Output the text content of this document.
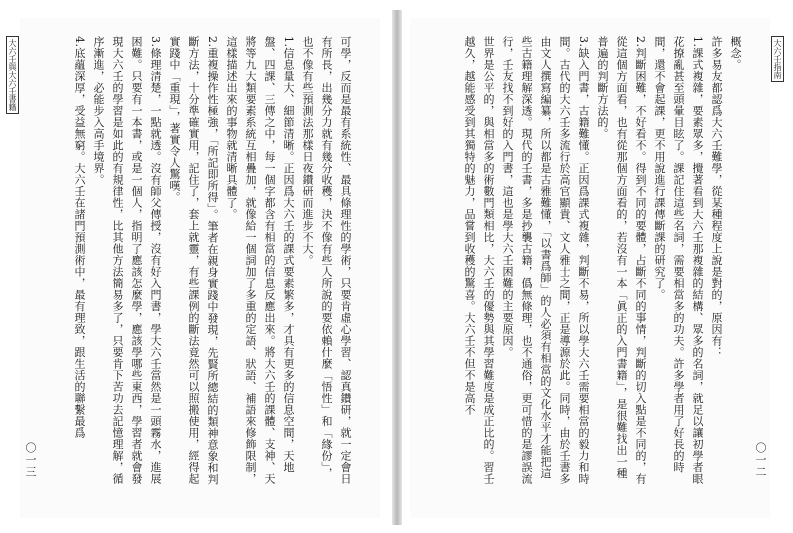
大六壬與大六壬書籍	可學，反而是最有系統性、最具條理性的學術，只要肯虛心學習、認真鑽研，就一定會日有所長，出幾分力就有幾分收穫，決不像有些人所說的要依賴什麼「悟性」和「緣份」，也不像有些預測法那樣日夜鑽研而進步不大。

1.信息量大、細節清晰。正因爲大六壬的課式要素繁多，才具有更多的信息空間，天地盤、四課、三傳之中，每一個字都含有相當的信息反應出來。將大六壬的課體、支神、天將等九大類要素系統互相疊加，就像給一個詞加了多重的定語、狀語、補語來修飾限制，這樣描述出來的事物就清晰具體了。

2.重複操作性極強，「所記即所得」。筆者在親身實踐中發現，先賢所總結的類神意象和判斷方法，十分準確實用，記住了，套上就靈，有些課例的斷法竟然可以照搬使用，經得起實踐中「重現」，著實令人驚嘆。

3.條理清楚，一點就透。沒有師父傳授，沒有好入門書，學大六壬當然是一頭霧水，進展困難。只要有一本書，或是一個人，指明了應該怎麼學，應該學哪些東西，學習者就會發現大六壬的學習是如此的有規律性，比其他方法簡易多了，只要肯下苦功去記憶理解，循序漸進，必能步入高手境界。

4.底蘊深厚，受益無窮。大六壬在諸門預測術中，最有理致，跟生活的聯繫最爲

〇一三
大六壬指南

概念。

許多易友都認爲大六壬難學，從某種程度上說是對的，原因有：

1.課式複雜，要素眾多，攪著看到大六壬那複雜的結構、眾多的名詞，就足以讓初學者眼花撩亂甚至頭暈目眩了。課記住這些名詞，需要相當多的功夫。許多學者用了好長的時間，還不會起課，更不用說進行課傳斷課的研究了。

2.判斷困難，不好看不。得到不同的要體，占斷不同的事情，判斷的切入點是不同的，有從這個方面看，也有從那個方面看的，若沒有一本「眞正的入門書籍」，是很難找出一種普遍的判斷方法的。

3.缺入門書，古籍難懂。正因爲課式複雜，判斷不易，所以學大六壬需要相當的毅力和時間。古代的大六壬多流行於高官顯貴、文人雅士之間，正是導源於此。同時，由於壬書多由文人撰寫編纂，所以都是古雅難懂，「以書爲師」的人必須有相當的文化水平才能把這些古籍理解深透。現代的壬書，多是抄襲古籍，僞無條理，也不通俗，更可惜的是謬誤流行，壬友找不到好的入門書，這也是學大六壬困難的主要原因。

世界是公平的，與相當多的術數門類相比，大六壬的優勢與其學習難度是成正比的。習壬越久，越能感受到其獨特的魅力，品嘗到收穫的驚喜。大六壬不但不是高不

〇一二
